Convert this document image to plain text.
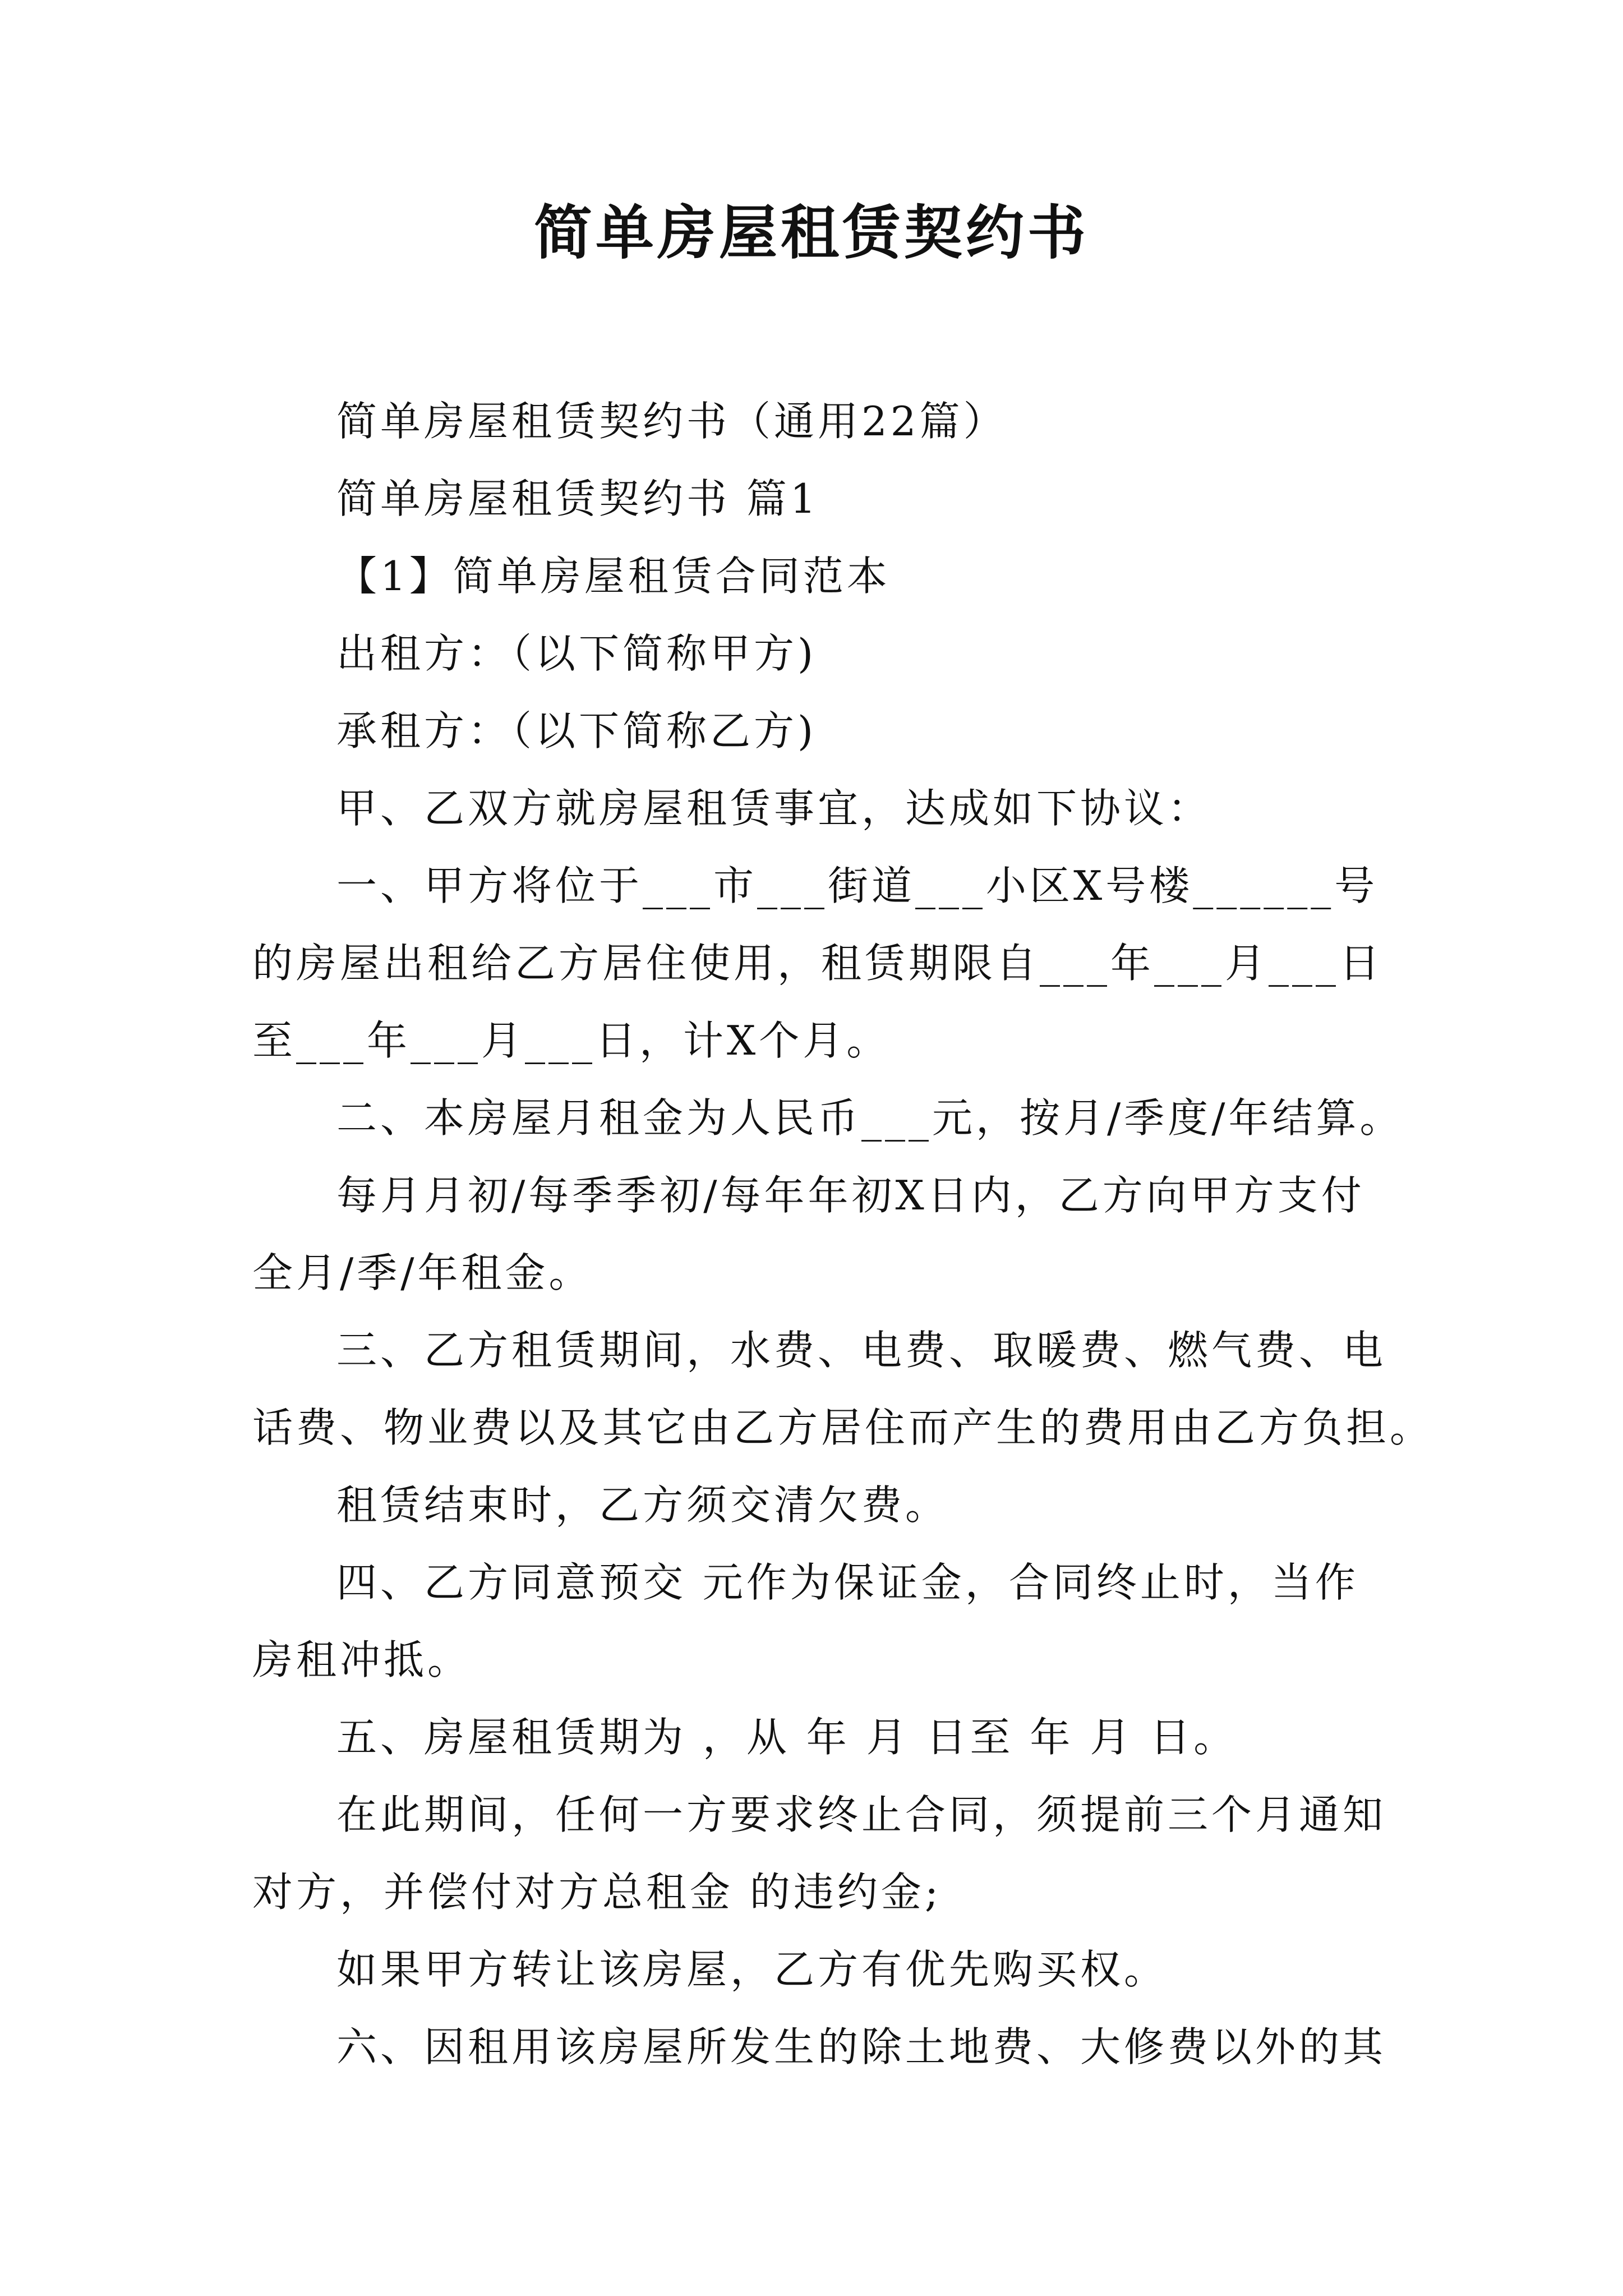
简单房屋租赁契约书

简单房屋租赁契约书（通用22篇）

简单房屋租赁契约书 篇1

【1】简单房屋租赁合同范本

出租方：（以下简称甲方)

承租方：（以下简称乙方)

甲、乙双方就房屋租赁事宜，达成如下协议：

一、甲方将位于___市___街道___小区X号楼______号

的房屋出租给乙方居住使用，租赁期限自___年___月___日

至___年___月___日，计X个月。

二、本房屋月租金为人民币___元，按月/季度/年结算。

每月月初/每季季初/每年年初X日内，乙方向甲方支付

全月/季/年租金。

三、乙方租赁期间，水费、电费、取暖费、燃气费、电

话费、物业费以及其它由乙方居住而产生的费用由乙方负担。

租赁结束时，乙方须交清欠费。

四、乙方同意预交 元作为保证金，合同终止时，当作

房租冲抵。

五、房屋租赁期为 ，从 年 月 日至 年 月 日。

在此期间，任何一方要求终止合同，须提前三个月通知

对方，并偿付对方总租金 的违约金;

如果甲方转让该房屋，乙方有优先购买权。

六、因租用该房屋所发生的除土地费、大修费以外的其
